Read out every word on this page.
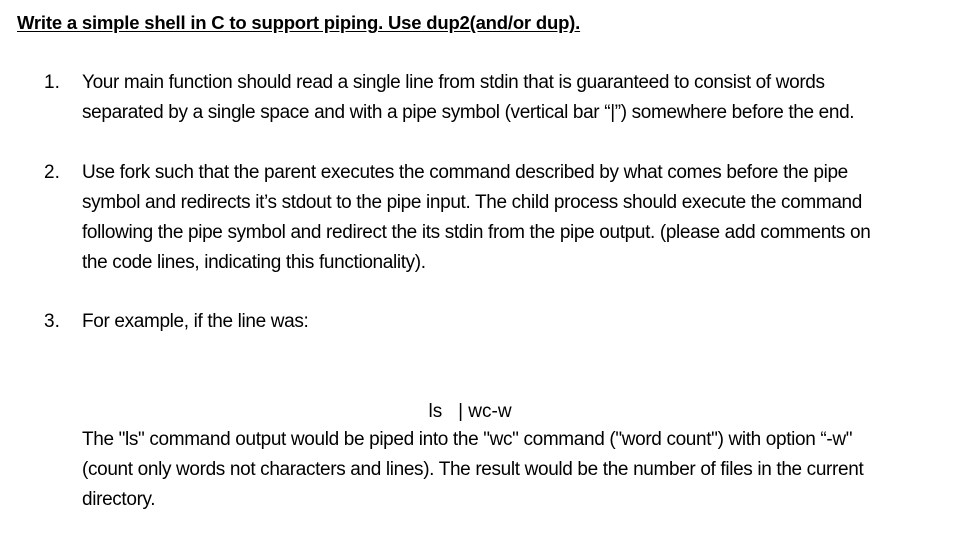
Write a simple shell in C to support piping. Use dup2(and/or dup).
1. Your main function should read a single line from stdin that is guaranteed to consist of words
separated by a single space and with a pipe symbol (vertical bar “|”) somewhere before the end.
2. Use fork such that the parent executes the command described by what comes before the pipe
symbol and redirects it’s stdout to the pipe input. The child process should execute the command
following the pipe symbol and redirect the its stdin from the pipe output. (please add comments on
the code lines, indicating this functionality).
3. For example, if the line was:

ls   | wc-w

The "ls" command output would be piped into the "wc" command ("word count") with option “-w"
(count only words not characters and lines). The result would be the number of files in the current
directory.
